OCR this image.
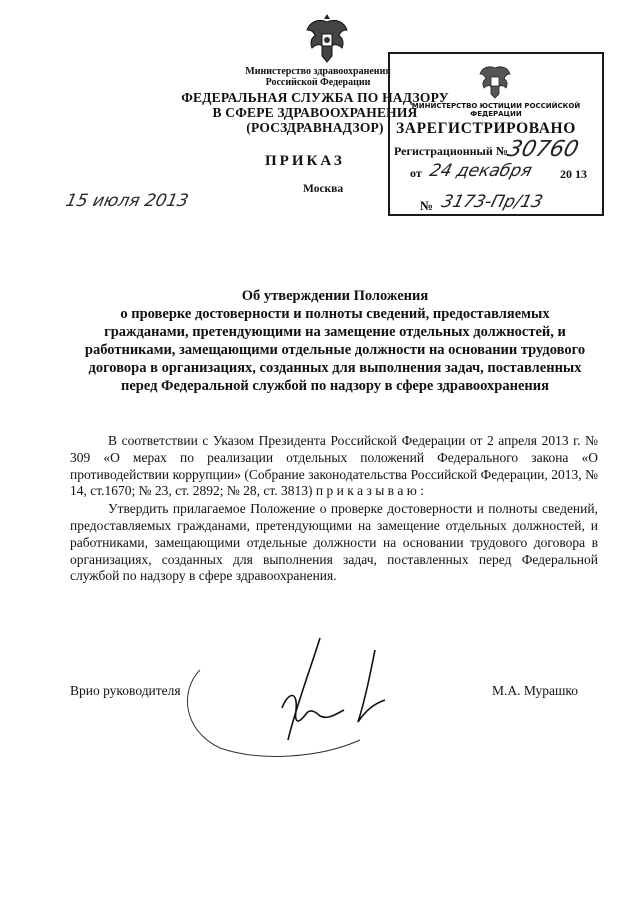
Министерство здравоохранения
Российской Федерации
ФЕДЕРАЛЬНАЯ СЛУЖБА ПО НАДЗОРУ
В СФЕРЕ ЗДРАВООХРАНЕНИЯ
(РОСЗДРАВНАДЗОР)
ПРИКАЗ
Москва
15 июля 2013
МИНИСТЕРСТВО ЮСТИЦИИ РОССИЙСКОЙ ФЕДЕРАЦИИ
ЗАРЕГИСТРИРОВАНО
Регистрационный №
30760
от 24 декабря 20 13
№ 3173-Пр/13
Об утверждении Положения
о проверке достоверности и полноты сведений, предоставляемых
гражданами, претендующими на замещение отдельных должностей, и
работниками, замещающими отдельные должности на основании трудового
договора в организациях, созданных для выполнения задач, поставленных
перед Федеральной службой по надзору в сфере здравоохранения

В соответствии с Указом Президента Российской Федерации от 2 апреля 2013 г. № 309 «О мерах по реализации отдельных положений Федерального закона «О противодействии коррупции» (Собрание законодательства Российской Федерации, 2013, № 14, ст.1670; № 23, ст. 2892; № 28, ст. 3813) п р и к а з ы в а ю :

Утвердить прилагаемое Положение о проверке достоверности и полноты сведений, предоставляемых гражданами, претендующими на замещение отдельных должностей, и работниками, замещающими отдельные должности на основании трудового договора в организациях, созданных для выполнения задач, поставленных перед Федеральной службой по надзору в сфере здравоохранения.

Врио руководителя	М.А. Мурашко
